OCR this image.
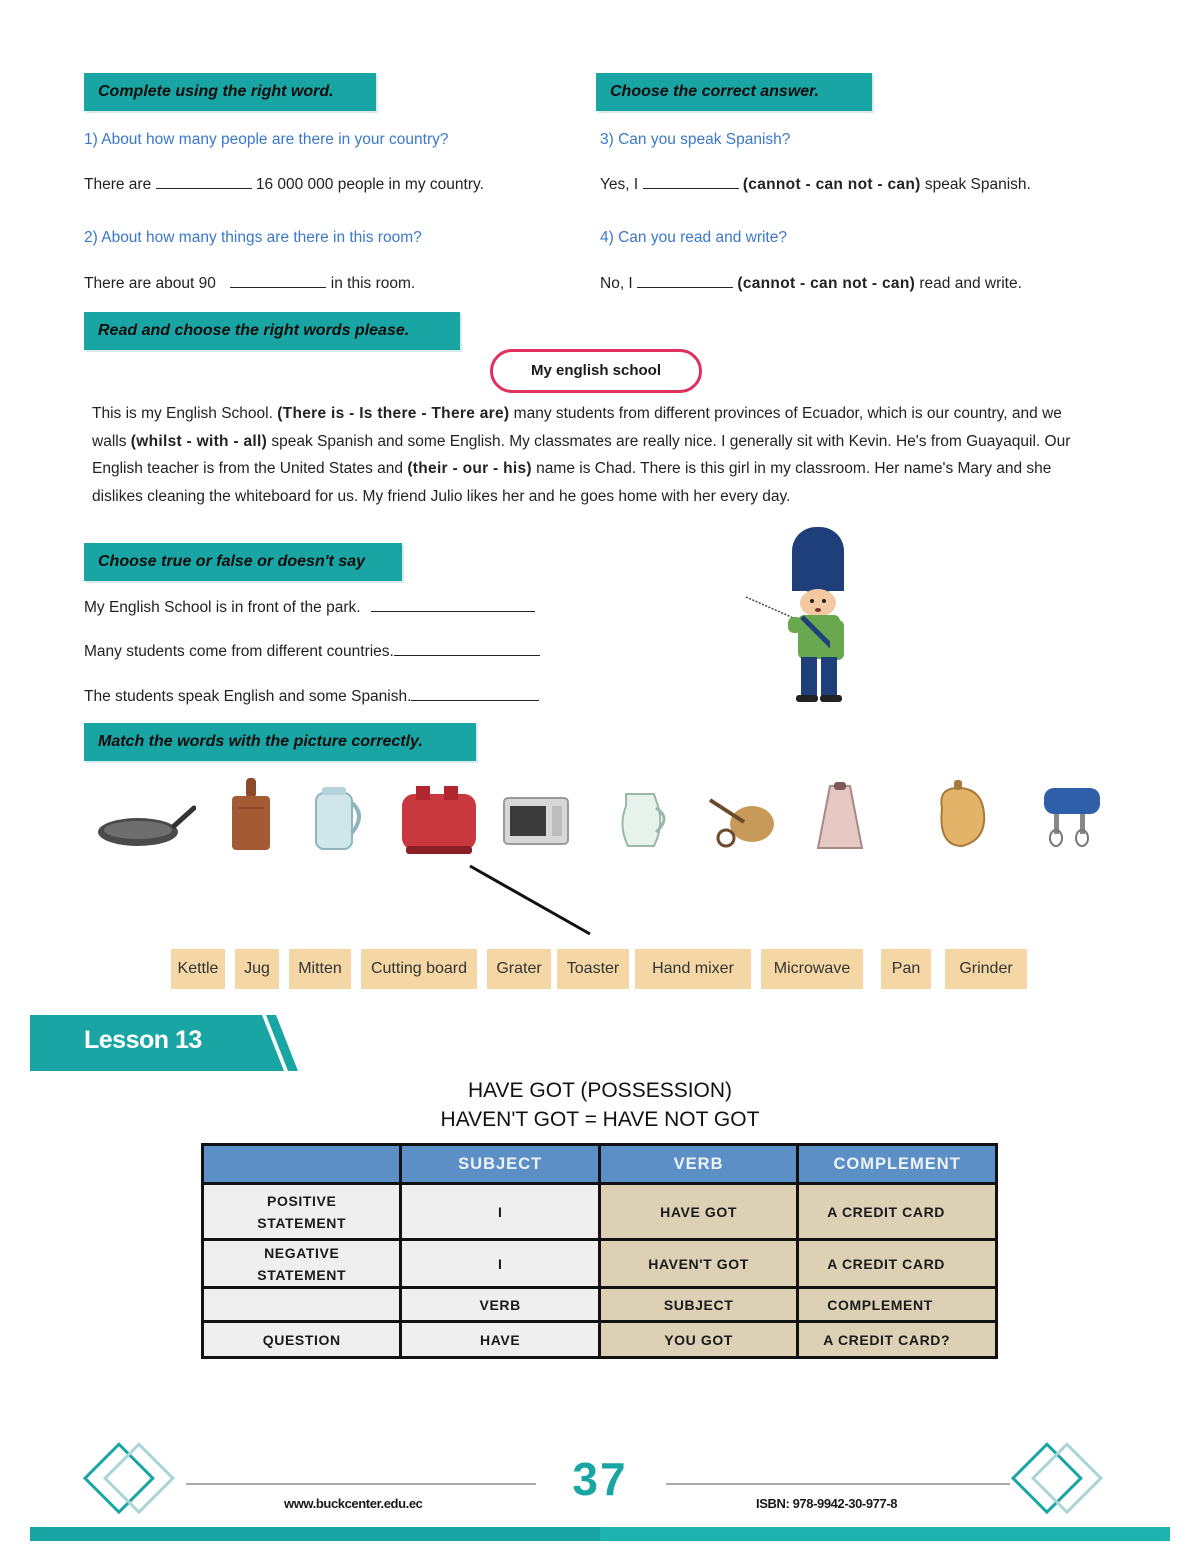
Complete using the right word.
1) About how many people are there in your country?
There are	16 000 000 people in my country.
2) About how many things are there in this room?
There are about 90	in this room.
Choose the correct answer.
3) Can you speak Spanish?
Yes, I	(cannot - can not - can) speak Spanish.
4) Can you read and write?
No, I	(cannot - can not - can) read and write.
Read and choose the right words please.
My english school
This is my English School. (There is - Is there - There are) many students from different provinces of Ecuador, which is our country, and we walls (whilst - with - all) speak Spanish and some English. My classmates are really nice. I generally sit with Kevin. He's from Guayaquil. Our English teacher is from the United States and (their - our - his) name is Chad. There is this girl in my classroom. Her name's Mary and she dislikes cleaning the whiteboard for us. My friend Julio likes her and he goes home with her every day.
Choose true or false or doesn't say
My English School is in front of the park.
Many students come from different countries.
The students speak English and some Spanish.
Match the words with the picture correctly.
Kettle	Jug	Mitten	Cutting board	Grater	Toaster	Hand mixer	Microwave	Pan	Grinder
Lesson 13
HAVE GOT (POSSESSION)
HAVEN'T GOT = HAVE NOT GOT
	SUBJECT	VERB	COMPLEMENT
POSITIVE
STATEMENT	I	HAVE GOT	A CREDIT CARD
NEGATIVE
STATEMENT	I	HAVEN'T GOT	A CREDIT CARD
	VERB	SUBJECT	COMPLEMENT
QUESTION	HAVE	YOU GOT	A CREDIT CARD?
37
www.buckcenter.edu.ec	ISBN: 978-9942-30-977-8
